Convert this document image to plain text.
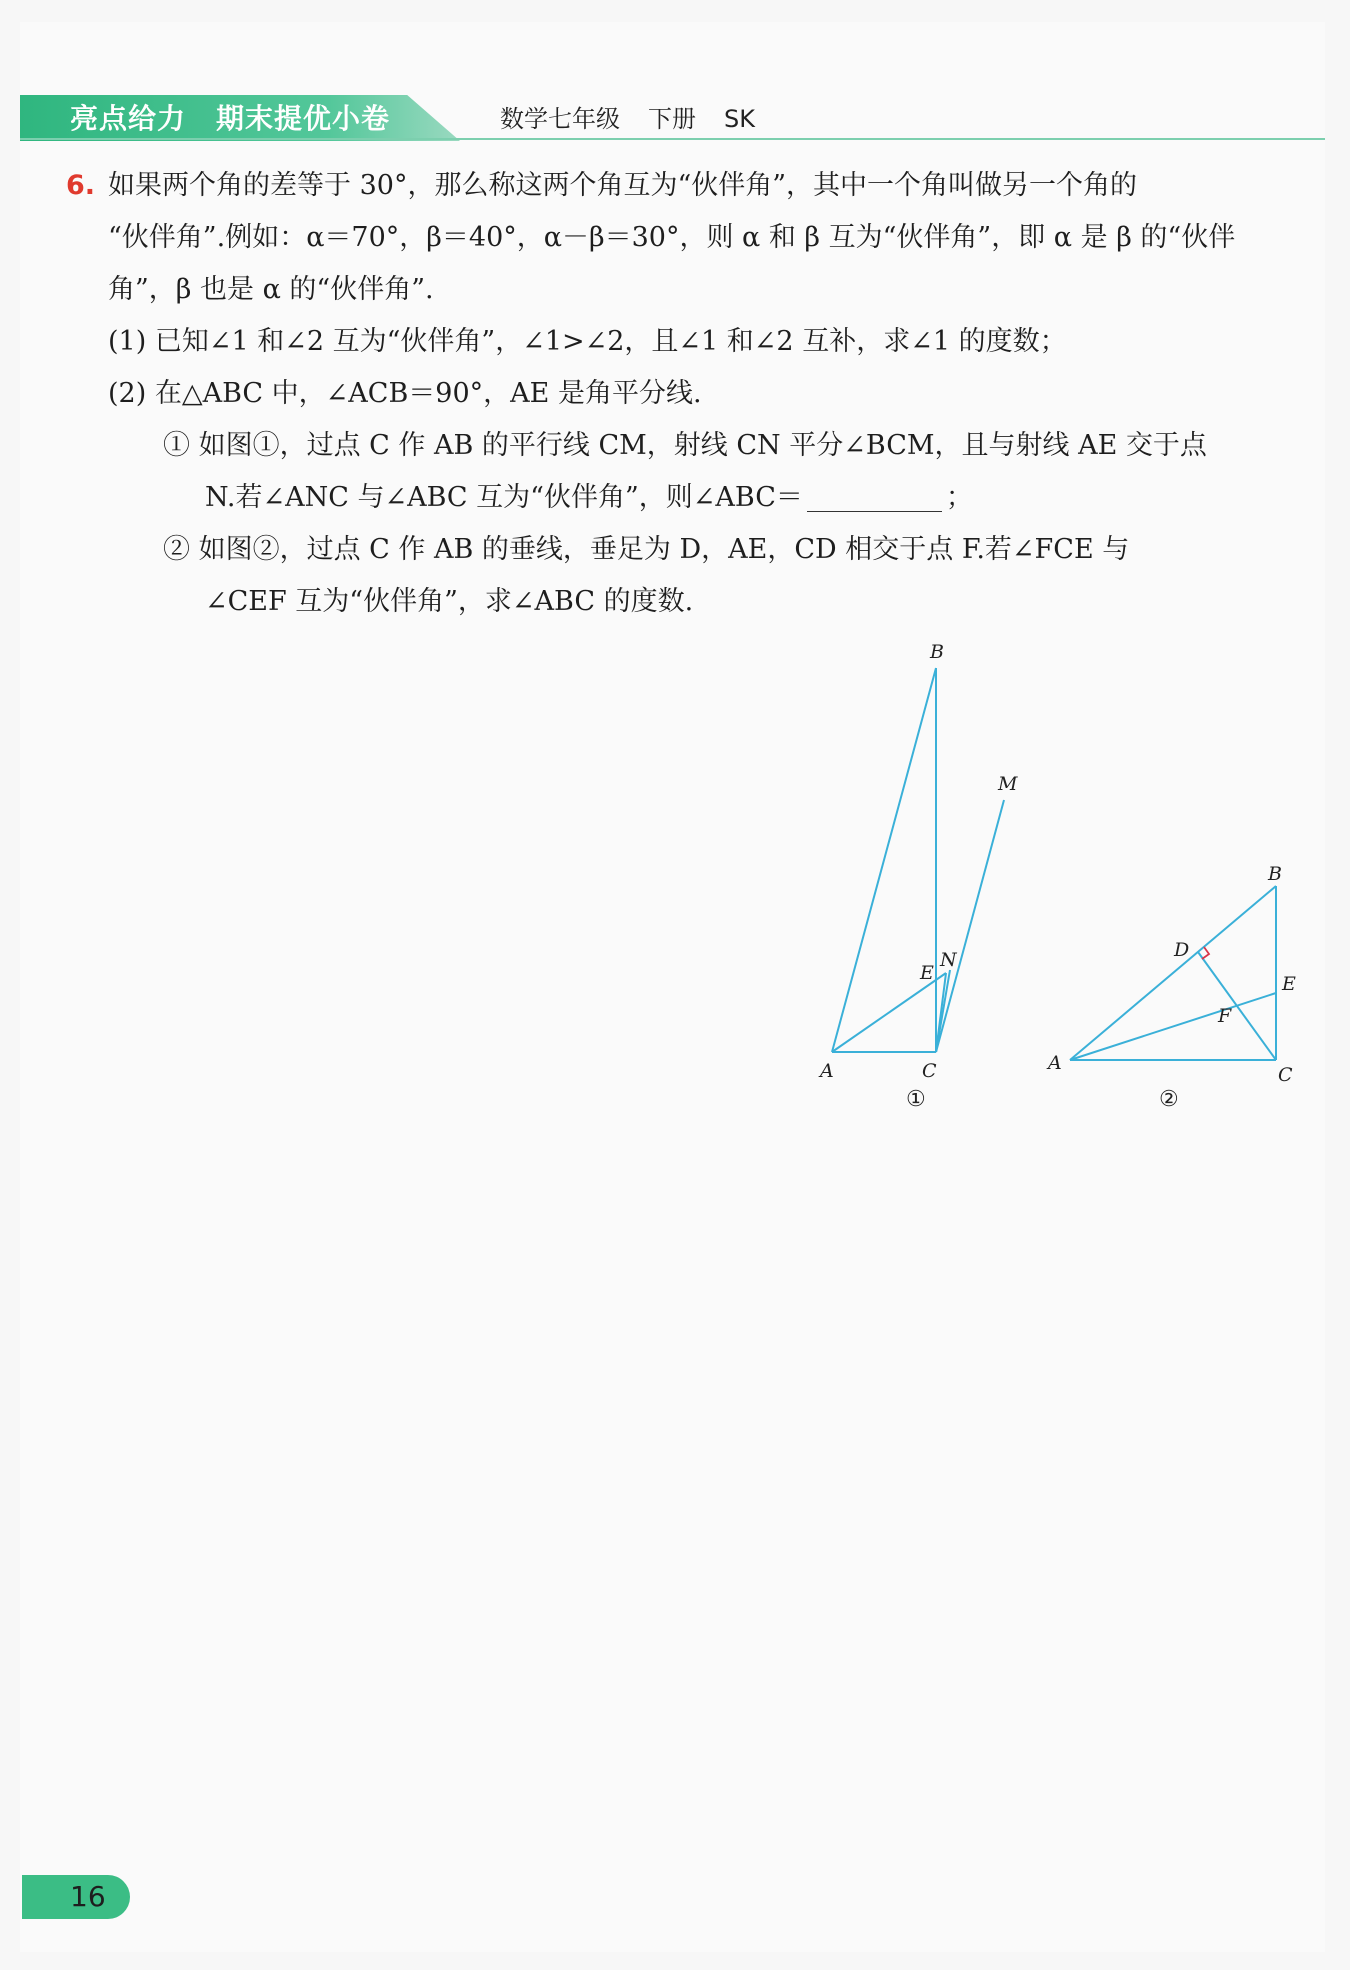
亮点给力 期末提优小卷	数学七年级 下册 SK
6. 如果两个角的差等于 30°，那么称这两个角互为“伙伴角”，其中一个角叫做另一个角的
“伙伴角”.例如：α＝70°，β＝40°，α－β＝30°，则 α 和 β 互为“伙伴角”，即 α 是 β 的“伙伴
角”，β 也是 α 的“伙伴角”.
(1) 已知∠1 和∠2 互为“伙伴角”，∠1>∠2，且∠1 和∠2 互补，求∠1 的度数；
(2) 在△ABC 中，∠ACB＝90°，AE 是角平分线.
① 如图①，过点 C 作 AB 的平行线 CM，射线 CN 平分∠BCM，且与射线 AE 交于点
N.若∠ANC 与∠ABC 互为“伙伴角”，则∠ABC＝	；
② 如图②，过点 C 作 AB 的垂线，垂足为 D，AE，CD 相交于点 F.若∠FCE 与
∠CEF 互为“伙伴角”，求∠ABC 的度数.
B
M
E
N
A	C
①
B
D
E
F
A
C
②
16
